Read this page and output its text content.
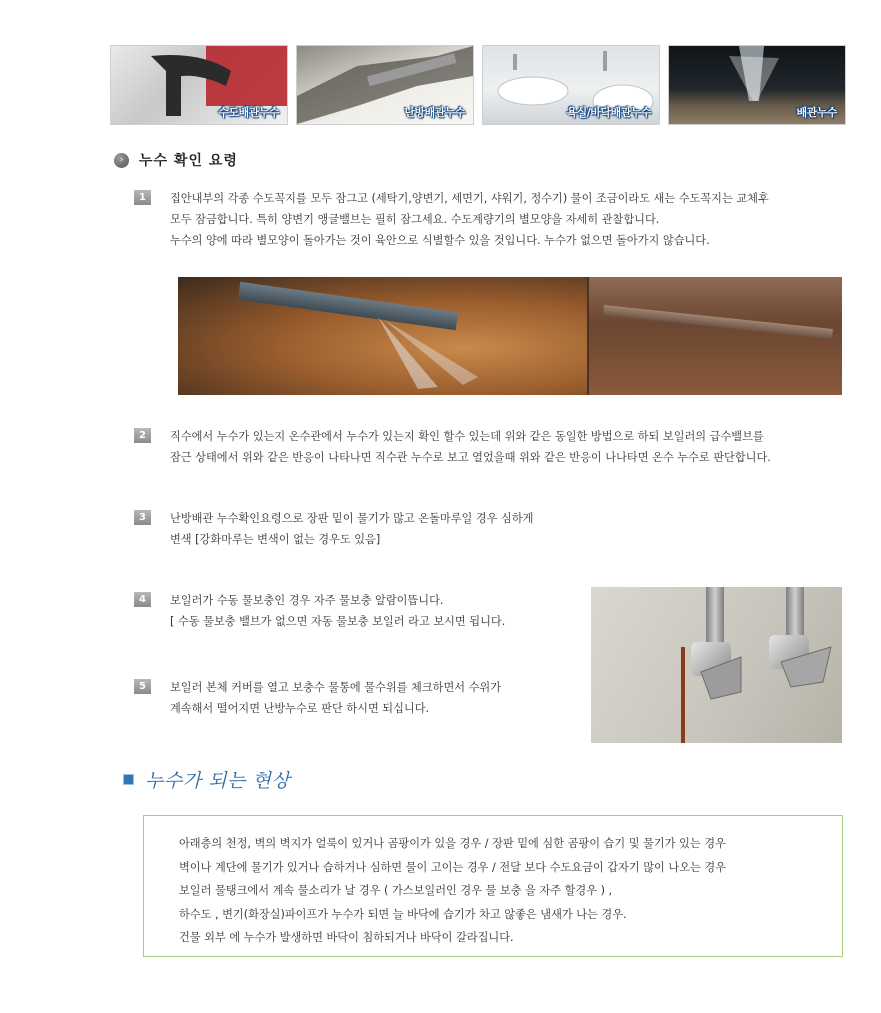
수도배관누수	난방배관누수	욕실/바닥배관누수	배관누수
›	누수 확인 요령
1	집안내부의 각종 수도꼭지를 모두 잠그고 (세탁기,양변기, 세면기, 샤워기, 정수기) 물이 조금이라도 새는 수도꼭지는 교체후
모두 잠금합니다. 특히 양변기 앵글밸브는 필히 잠그세요. 수도계량기의 별모양을 자세히 관찰합니다.
누수의 양에 따라 별모양이 돌아가는 것이 육안으로 식별할수 있을 것입니다. 누수가 없으면 돌아가지 않습니다.
2	직수에서 누수가 있는지 온수관에서 누수가 있는지 확인 할수 있는데 위와 같은 동일한 방법으로 하되 보일러의 급수밸브를
잠근 상태에서 위와 같은 반응이 나타나면 직수관 누수로 보고 열었을때 위와 같은 반응이 나나타면 온수 누수로 판단합니다.
3	난방배관 누수확인요령으로 장판 밑이 물기가 많고 온돌마루일 경우 심하게
변색 [강화마루는 변색이 없는 경우도 있음]
4	보일러가 수동 물보충인 경우 자주 물보충 알람이뜹니다.
[ 수동 물보충 밸브가 없으면 자동 물보충 보일러 라고 보시면 됩니다.
5	보일러 본체 커버를 열고 보충수 물통에 물수위를 체크하면서 수위가
계속해서 떨어지면 난방누수로 판단 하시면 되십니다.
누수가 되는 현상
아래층의 천정, 벽의 벽지가 얼룩이 있거나 곰팡이가 있을 경우 / 장판 밑에 심한 곰팡이 습기 및 물기가 있는 경우
벽이나 계단에 물기가 있거나 습하거나 심하면 물이 고이는 경우 / 전달 보다 수도요금이 갑자기 많이 나오는 경우
보일러 물탱크에서 계속 물소리가 날 경우 ( 가스보일러인 경우 물 보충 을 자주 할경우 ) ,
하수도 , 변기(화장실)파이프가 누수가 되면 늘 바닥에 습기가 차고 않좋은 냄새가 나는 경우.
건물 외부 에 누수가 발생하면 바닥이 침하되거나 바닥이 갈라집니다.
